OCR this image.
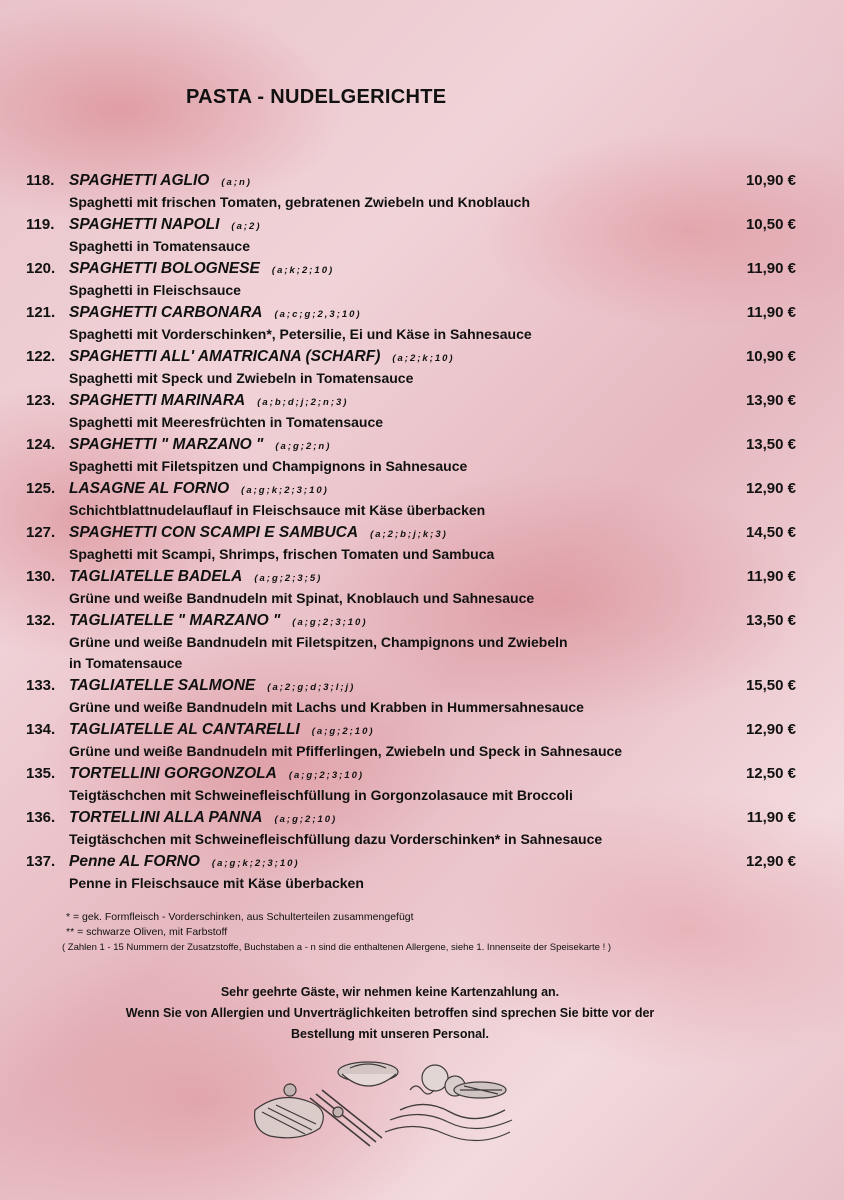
PASTA - NUDELGERICHTE
118. SPAGHETTI AGLIO (a;n)	10,90 €
Spaghetti mit frischen Tomaten, gebratenen Zwiebeln und Knoblauch
119. SPAGHETTI NAPOLI (a;2)	10,50 €
Spaghetti in Tomatensauce
120. SPAGHETTI BOLOGNESE (a;k;2;10)	11,90 €
Spaghetti in Fleischsauce
121. SPAGHETTI CARBONARA (a;c;g;2,3;10)	11,90 €
Spaghetti mit Vorderschinken*, Petersilie, Ei und Käse in Sahnesauce
122. SPAGHETTI ALL' AMATRICANA (SCHARF) (a;2;k;10)	10,90 €
Spaghetti mit Speck und Zwiebeln in Tomatensauce
123. SPAGHETTI MARINARA (a;b;d;j;2;n;3)	13,90 €
Spaghetti mit Meeresfrüchten in Tomatensauce
124. SPAGHETTI " MARZANO " (a;g;2;n)	13,50 €
Spaghetti mit Filetspitzen und Champignons in Sahnesauce
125. LASAGNE AL FORNO (a;g;k;2;3;10)	12,90 €
Schichtblattnudelauflauf in Fleischsauce mit Käse überbacken
127. SPAGHETTI CON SCAMPI E SAMBUCA (a;2;b;j;k;3)	14,50 €
Spaghetti mit Scampi, Shrimps, frischen Tomaten und Sambuca
130. TAGLIATELLE BADELA (a;g;2;3;5)	11,90 €
Grüne und weiße Bandnudeln mit Spinat, Knoblauch und Sahnesauce
132. TAGLIATELLE " MARZANO " (a;g;2;3;10)	13,50 €
Grüne und weiße Bandnudeln mit Filetspitzen, Champignons und Zwiebeln
in Tomatensauce
133. TAGLIATELLE SALMONE (a;2;g;d;3;l;j)	15,50 €
Grüne und weiße Bandnudeln mit Lachs und Krabben in Hummersahnesauce
134. TAGLIATELLE AL CANTARELLI (a;g;2;10)	12,90 €
Grüne und weiße Bandnudeln mit Pfifferlingen, Zwiebeln und Speck in Sahnesauce
135. TORTELLINI GORGONZOLA (a;g;2;3;10)	12,50 €
Teigtäschchen mit Schweinefleischfüllung in Gorgonzolasauce mit Broccoli
136. TORTELLINI ALLA PANNA (a;g;2;10)	11,90 €
Teigtäschchen mit Schweinefleischfüllung dazu Vorderschinken* in Sahnesauce
137. Penne AL FORNO (a;g;k;2;3;10)	12,90 €
Penne in Fleischsauce mit Käse überbacken
* = gek. Formfleisch - Vorderschinken, aus Schulterteilen zusammengefügt
** = schwarze Oliven, mit Farbstoff
( Zahlen 1 - 15 Nummern der Zusatzstoffe, Buchstaben a - n sind die enthaltenen Allergene, siehe 1. Innenseite der Speisekarte ! )
Sehr geehrte Gäste, wir nehmen keine Kartenzahlung an.
Wenn Sie von Allergien und Unverträglichkeiten betroffen sind sprechen Sie bitte vor der
Bestellung mit unseren Personal.
